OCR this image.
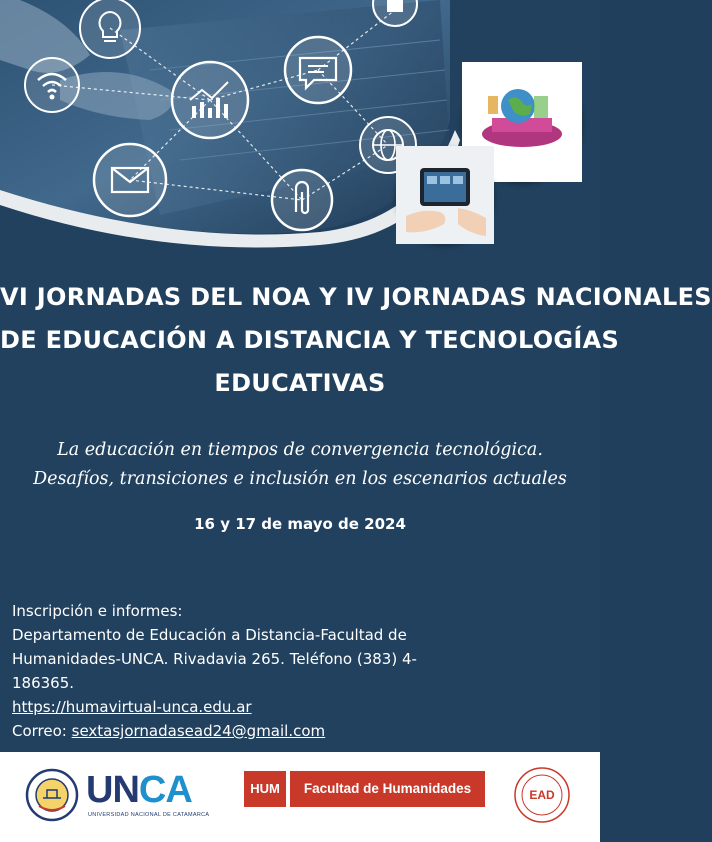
VI JORNADAS DEL NOA Y IV JORNADAS NACIONALES
DE EDUCACIÓN A DISTANCIA Y TECNOLOGÍAS
EDUCATIVAS
La educación en tiempos de convergencia tecnológica.
Desafíos, transiciones e inclusión en los escenarios actuales
16 y 17 de mayo de 2024
Inscripción e informes:
Departamento de Educación a Distancia-Facultad de
Humanidades-UNCA. Rivadavia 265. Teléfono (383) 4-
186365.
https://humavirtual-unca.edu.ar
Correo: sextasjornadasead24@gmail.com
UNCA
UNIVERSIDAD NACIONAL DE CATAMARCA
HUM	Facultad de Humanidades	EAD
